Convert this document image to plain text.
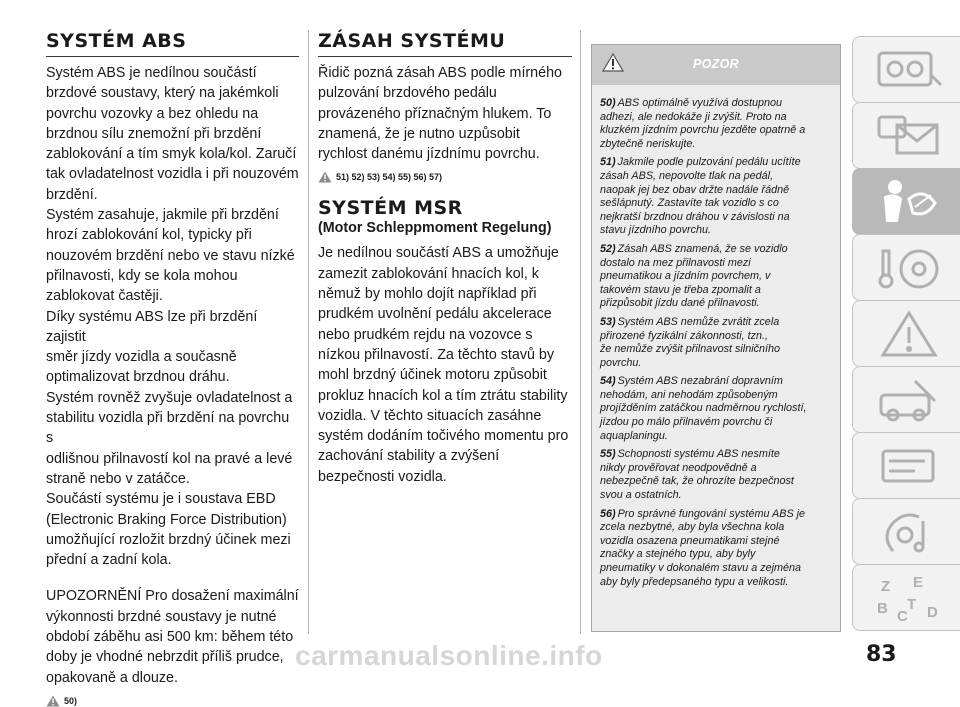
SYSTÉM ABS
Systém ABS je nedílnou součástí
brzdové soustavy, který na jakémkoli
povrchu vozovky a bez ohledu na
brzdnou sílu znemožní při brzdění
zablokování a tím smyk kola/kol. Zaručí
tak ovladatelnost vozidla i při nouzovém
brzdění.
Systém zasahuje, jakmile při brzdění
hrozí zablokování kol, typicky při
nouzovém brzdění nebo ve stavu nízké
přilnavosti, kdy se kola mohou
zablokovat častěji.
Díky systému ABS lze při brzdění zajistit
směr jízdy vozidla a současně
optimalizovat brzdnou dráhu.
Systém rovněž zvyšuje ovladatelnost a
stabilitu vozidla při brzdění na povrchu s
odlišnou přilnavostí kol na pravé a levé
straně nebo v zatáčce.
Součástí systému je i soustava EBD
(Electronic Braking Force Distribution)
umožňující rozložit brzdný účinek mezi
přední a zadní kola.
UPOZORNĚNÍ Pro dosažení maximální
výkonnosti brzdné soustavy je nutné
období záběhu asi 500 km: během této
doby je vhodné nebrzdit příliš prudce,
opakovaně a dlouze.
50)
ZÁSAH SYSTÉMU
Řidič pozná zásah ABS podle mírného
pulzování brzdového pedálu
provázeného příznačným hlukem. To
znamená, že je nutno uzpůsobit
rychlost danému jízdnímu povrchu.
51) 52) 53) 54) 55) 56) 57)
SYSTÉM MSR
(Motor Schleppmoment Regelung)
Je nedílnou součástí ABS a umožňuje
zamezit zablokování hnacích kol, k
němuž by mohlo dojít například při
prudkém uvolnění pedálu akcelerace
nebo prudkém rejdu na vozovce s
nízkou přilnavostí. Za těchto stavů by
mohl brzdný účinek motoru způsobit
prokluz hnacích kol a tím ztrátu stability
vozidla. V těchto situacích zasáhne
systém dodáním točivého momentu pro
zachování stability a zvýšení
bezpečnosti vozidla.
POZOR
50) ABS optimálně využívá dostupnou
adhezi, ale nedokáže ji zvýšit. Proto na
kluzkém jízdním povrchu jezděte opatrně a
zbytečně neriskujte.
51) Jakmile podle pulzování pedálu ucítíte
zásah ABS, nepovolte tlak na pedál,
naopak jej bez obav držte nadále řádně
sešlápnutý. Zastavíte tak vozidlo s co
nejkratší brzdnou dráhou v závislosti na
stavu jízdního povrchu.
52) Zásah ABS znamená, že se vozidlo
dostalo na mez přilnavosti mezi
pneumatikou a jízdním povrchem, v
takovém stavu je třeba zpomalit a
přizpůsobit jízdu dané přilnavosti.
53) Systém ABS nemůže zvrátit zcela
přirozené fyzikální zákonnosti, tzn.,
že nemůže zvýšit přilnavost silničního
povrchu.
54) Systém ABS nezabrání dopravním
nehodám, ani nehodám způsobeným
projížděním zatáčkou nadměrnou rychlostí,
jízdou po málo přilnavém povrchu či
aquaplaningu.
55) Schopnosti systému ABS nesmíte
nikdy prověřovat neodpovědně a
nebezpečně tak, že ohrozíte bezpečnost
svou a ostatních.
56) Pro správné fungování systému ABS je
zcela nezbytné, aby byla všechna kola
vozidla osazena pneumatikami stejné
značky a stejného typu, aby byly
pneumatiky v dokonalém stavu a zejména
aby byly předepsaného typu a velikosti.	Z E
B C
T D
carmanualsonline.info	83
